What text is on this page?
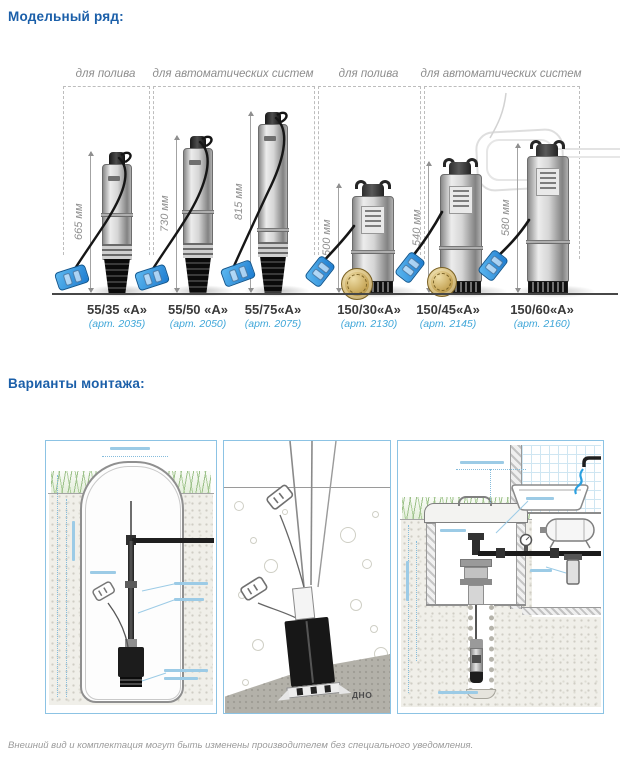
Модельный ряд:
для полива	для автоматических систем	для полива	для автоматических систем
665 мм	730 мм	815 мм
500 мм	540 мм	580 мм
55/35 «А»
(арт. 2035)
55/50 «А»
(арт. 2050)
55/75«А»
(арт. 2075)
150/30«А»
(арт. 2130)
150/45«А»
(арт. 2145)
150/60«А»
(арт. 2160)
Варианты монтажа:
ДНО
Внешний вид и комплектация могут быть изменены производителем без специального уведомления.
